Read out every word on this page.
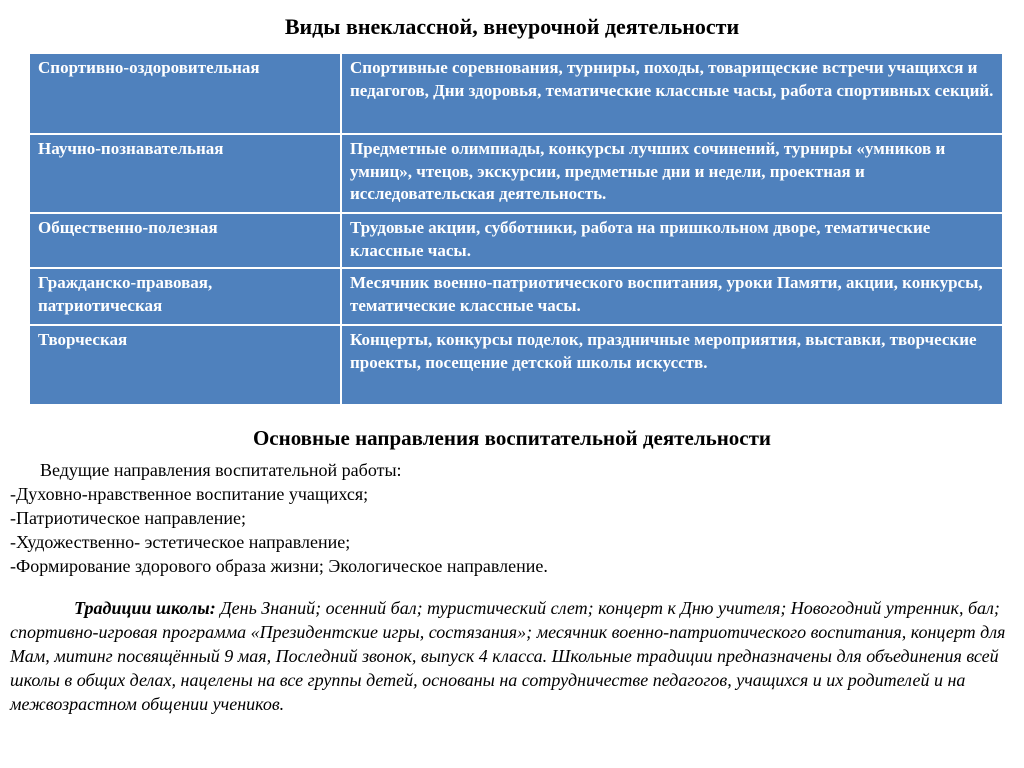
Виды внеклассной, внеурочной деятельности
Спортивно-оздоровительная	Спортивные соревнования, турниры, походы, товарищеские встречи учащихся и педагогов, Дни здоровья, тематические классные часы, работа спортивных секций.
Научно-познавательная	Предметные олимпиады, конкурсы лучших сочинений, турниры «умников и умниц», чтецов, экскурсии, предметные дни и недели, проектная и исследовательская деятельность.
Общественно-полезная	Трудовые акции, субботники, работа на пришкольном дворе, тематические классные часы.
Гражданско-правовая, патриотическая	Месячник военно-патриотического воспитания, уроки Памяти, акции, конкурсы, тематические классные часы.
Творческая	Концерты, конкурсы поделок, праздничные мероприятия, выставки, творческие проекты, посещение детской школы искусств.
Основные направления воспитательной деятельности
Ведущие направления воспитательной работы:
-Духовно-нравственное воспитание учащихся;
-Патриотическое направление;
-Художественно- эстетическое направление;
-Формирование здорового образа жизни; Экологическое направление.
Традиции школы: День Знаний; осенний бал; туристический слет; концерт к Дню учителя; Новогодний утренник, бал; спортивно-игровая программа «Президентские игры, состязания»; месячник военно-патриотического воспитания, концерт для Мам, митинг посвящённый 9 мая, Последний звонок, выпуск 4 класса. Школьные традиции предназначены для объединения всей школы в общих делах, нацелены на все группы детей, основаны на сотрудничестве педагогов, учащихся и их родителей и на межвозрастном общении учеников.
